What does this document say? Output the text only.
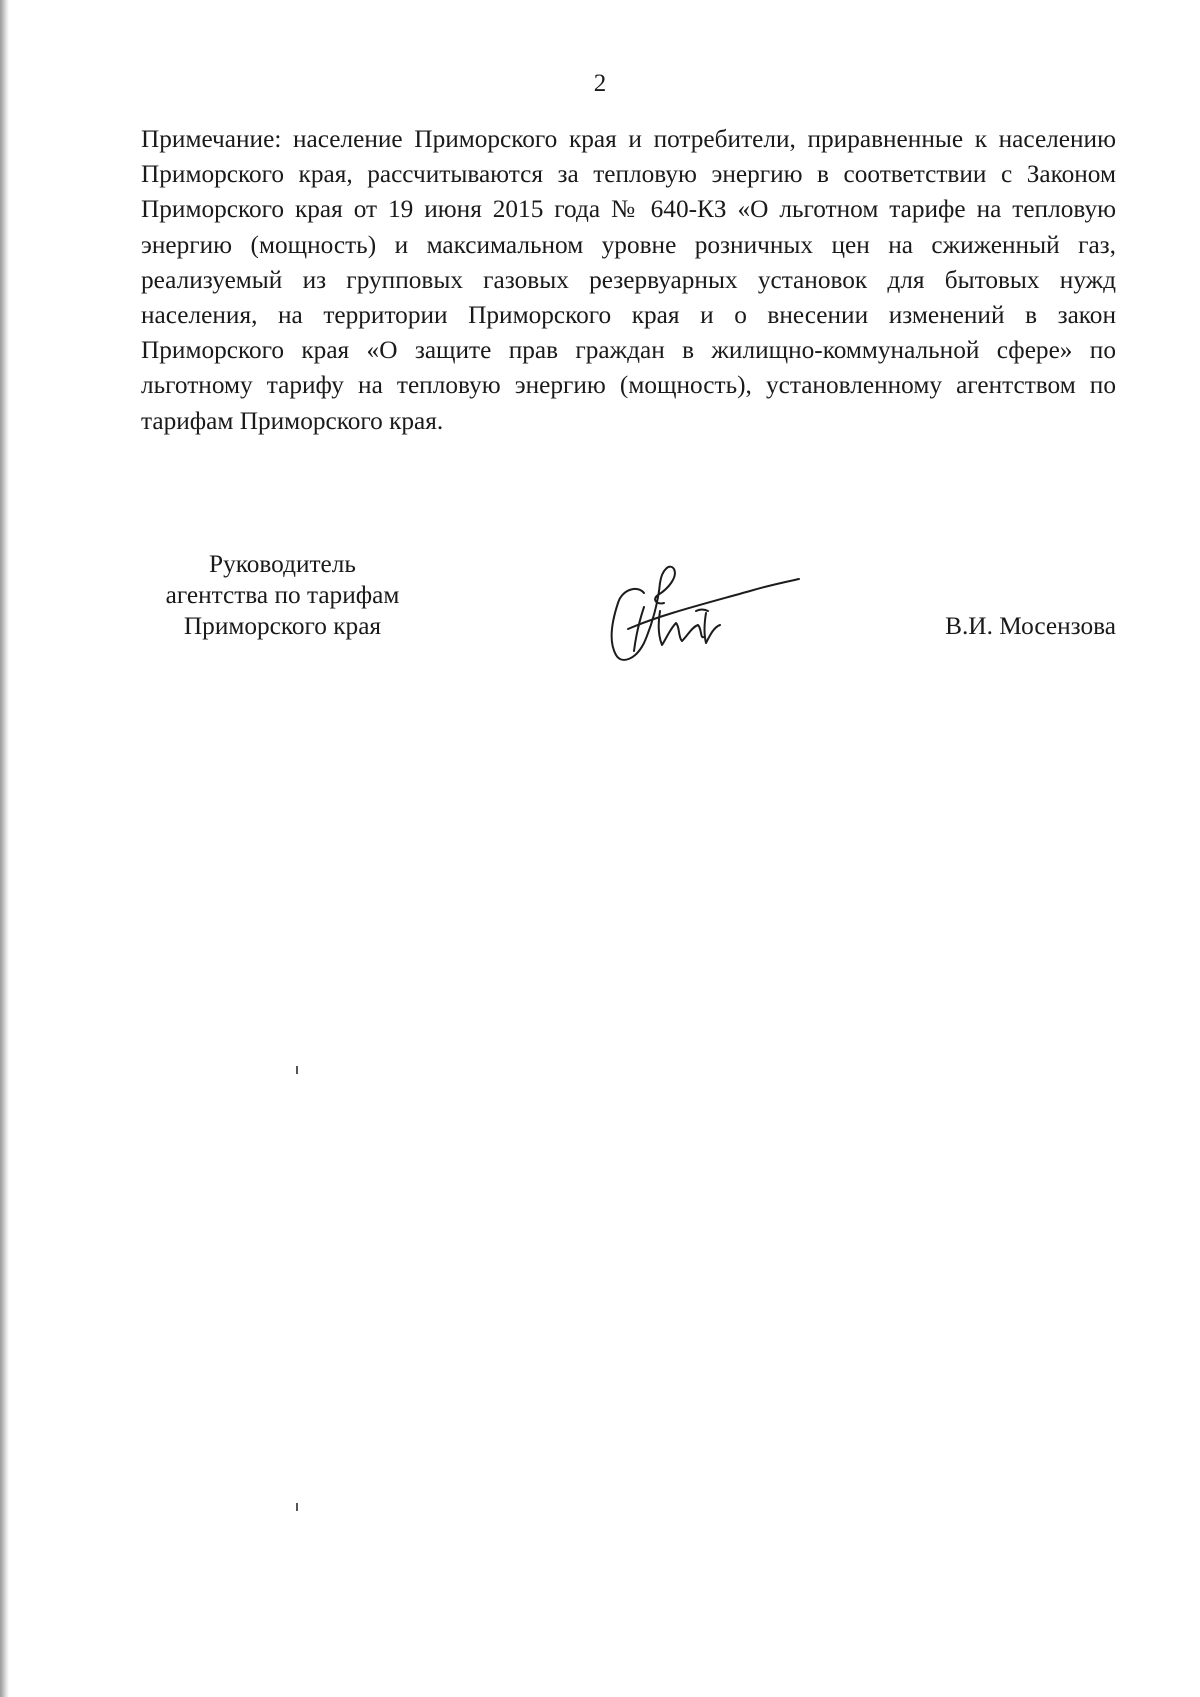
2

Примечание: население Приморского края и потребители, приравненные к населению Приморского края, рассчитываются за тепловую энергию в соответствии с Законом Приморского края от 19 июня 2015 года № 640-КЗ «О льготном тарифе на тепловую энергию (мощность) и максимальном уровне розничных цен на сжиженный газ, реализуемый из групповых газовых резервуарных установок для бытовых нужд населения, на территории Приморского края и о внесении изменений в закон Приморского края «О защите прав граждан в жилищно-коммунальной сфере» по льготному тарифу на тепловую энергию (мощность), установленному агентством по тарифам Приморского края.

Руководитель
агентства по тарифам
Приморского края	В.И. Мосензова
